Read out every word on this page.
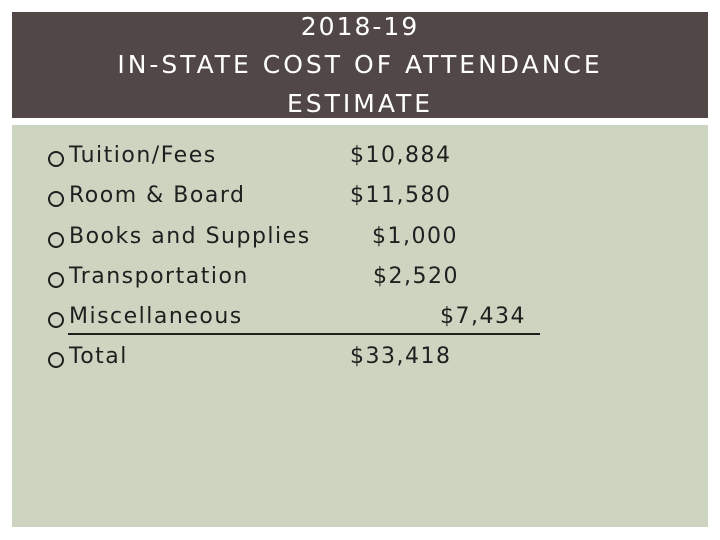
2018-19
IN-STATE COST OF ATTENDANCE
ESTIMATE
Tuition/Fees	$10,884
Room & Board	$11,580
Books and Supplies	$1,000
Transportation	$2,520
Miscellaneous	$7,434
Total	$33,418
